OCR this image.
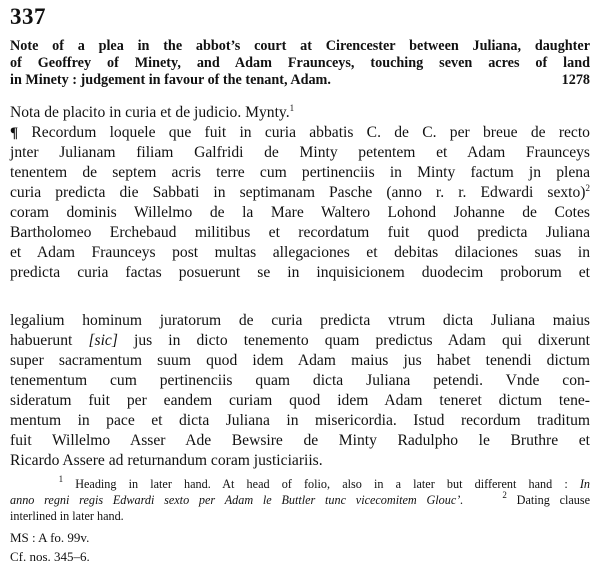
337
Note of a plea in the abbot’s court at Cirencester between Juliana, daughter
of Geoffrey of Minety, and Adam Fraunceys, touching seven acres of land
in Minety : judgement in favour of the tenant, Adam.	1278
Nota de placito in curia et de judicio. Mynty.$^1$
¶ Recordum loquele que fuit in curia abbatis C. de C. per breue de recto
jnter Julianam filiam Galfridi de Minty petentem et Adam Fraunceys
tenentem de septem acris terre cum pertinenciis in Minty factum jn plena
curia predicta die Sabbati in septimanam Pasche (anno r. r. Edwardi sexto)$^2$
coram dominis Willelmo de la Mare Waltero Lohond Johanne de Cotes
Bartholomeo Erchebaud militibus et recordatum fuit quod predicta Juliana
et Adam Fraunceys post multas allegaciones et debitas dilaciones suas in
predicta curia factas posuerunt se in inquisicionem duodecim proborum et
legalium hominum juratorum de curia predicta vtrum dicta Juliana maius
habuerunt [sic] jus in dicto tenemento quam predictus Adam qui dixerunt
super sacramentum suum quod idem Adam maius jus habet tenendi dictum
tenementum cum pertinenciis quam dicta Juliana petendi. Vnde con-
sideratum fuit per eandem curiam quod idem Adam teneret dictum tene-
mentum in pace et dicta Juliana in misericordia. Istud recordum traditum
fuit Willelmo Asser Ade Bewsire de Minty Radulpho le Bruthre et
Ricardo Assere ad returnandum coram justiciariis.
$^1$ Heading in later hand. At head of folio, also in a later but different hand : In
anno regni regis Edwardi sexto per Adam le Buttler tunc vicecomitem Glouc’.	$^2$ Dating clause
interlined in later hand.
MS : A fo. 99v.
Cf. nos. 345–6.
